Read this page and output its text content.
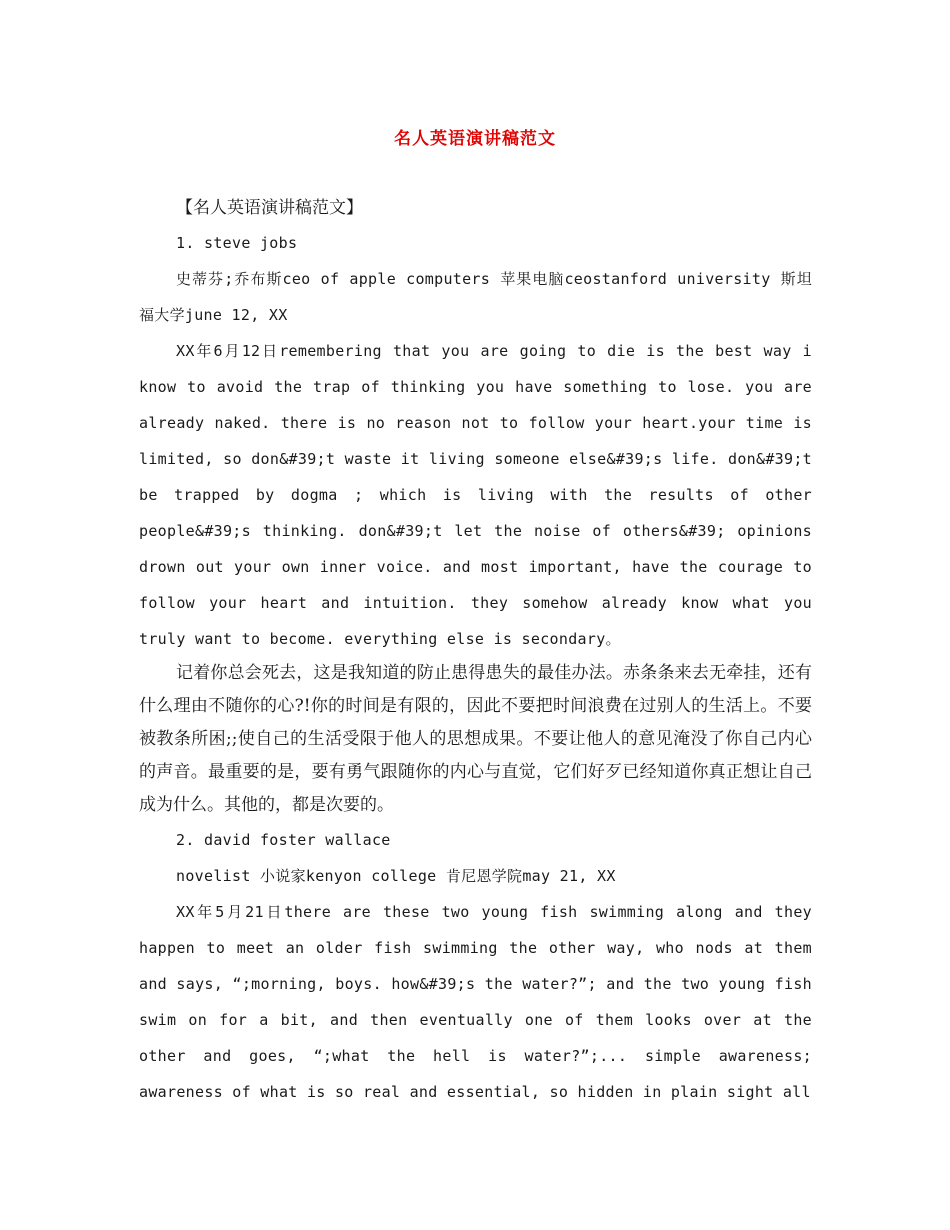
名人英语演讲稿范文

【名人英语演讲稿范文】

1. steve jobs

史蒂芬;乔布斯ceo of apple computers 苹果电脑ceostanford university 斯坦福大学june 12, XX

XX年6月12日remembering that you are going to die is the best way i know to avoid the trap of thinking you have something to lose. you are already naked. there is no reason not to follow your heart.your time is limited, so don&#39;t waste it living someone else&#39;s life. don&#39;t be trapped by dogma ; which is living with the results of other people&#39;s thinking. don&#39;t let the noise of others&#39; opinions drown out your own inner voice. and most important, have the courage to follow your heart and intuition. they somehow already know what you truly want to become. everything else is secondary。

记着你总会死去，这是我知道的防止患得患失的最佳办法。赤条条来去无牵挂，还有什么理由不随你的心?!你的时间是有限的，因此不要把时间浪费在过别人的生活上。不要被教条所困;;使自己的生活受限于他人的思想成果。不要让他人的意见淹没了你自己内心的声音。最重要的是，要有勇气跟随你的内心与直觉，它们好歹已经知道你真正想让自己成为什么。其他的，都是次要的。

2. david foster wallace

novelist 小说家kenyon college 肯尼恩学院may 21, XX

XX年5月21日there are these two young fish swimming along and they happen to meet an older fish swimming the other way, who nods at them and says, “;morning, boys. how&#39;s the water?”; and the two young fish swim on for a bit, and then eventually one of them looks over at the other and goes, “;what the hell is water?”;... simple awareness; awareness of what is so real and essential, so hidden in plain sight all
